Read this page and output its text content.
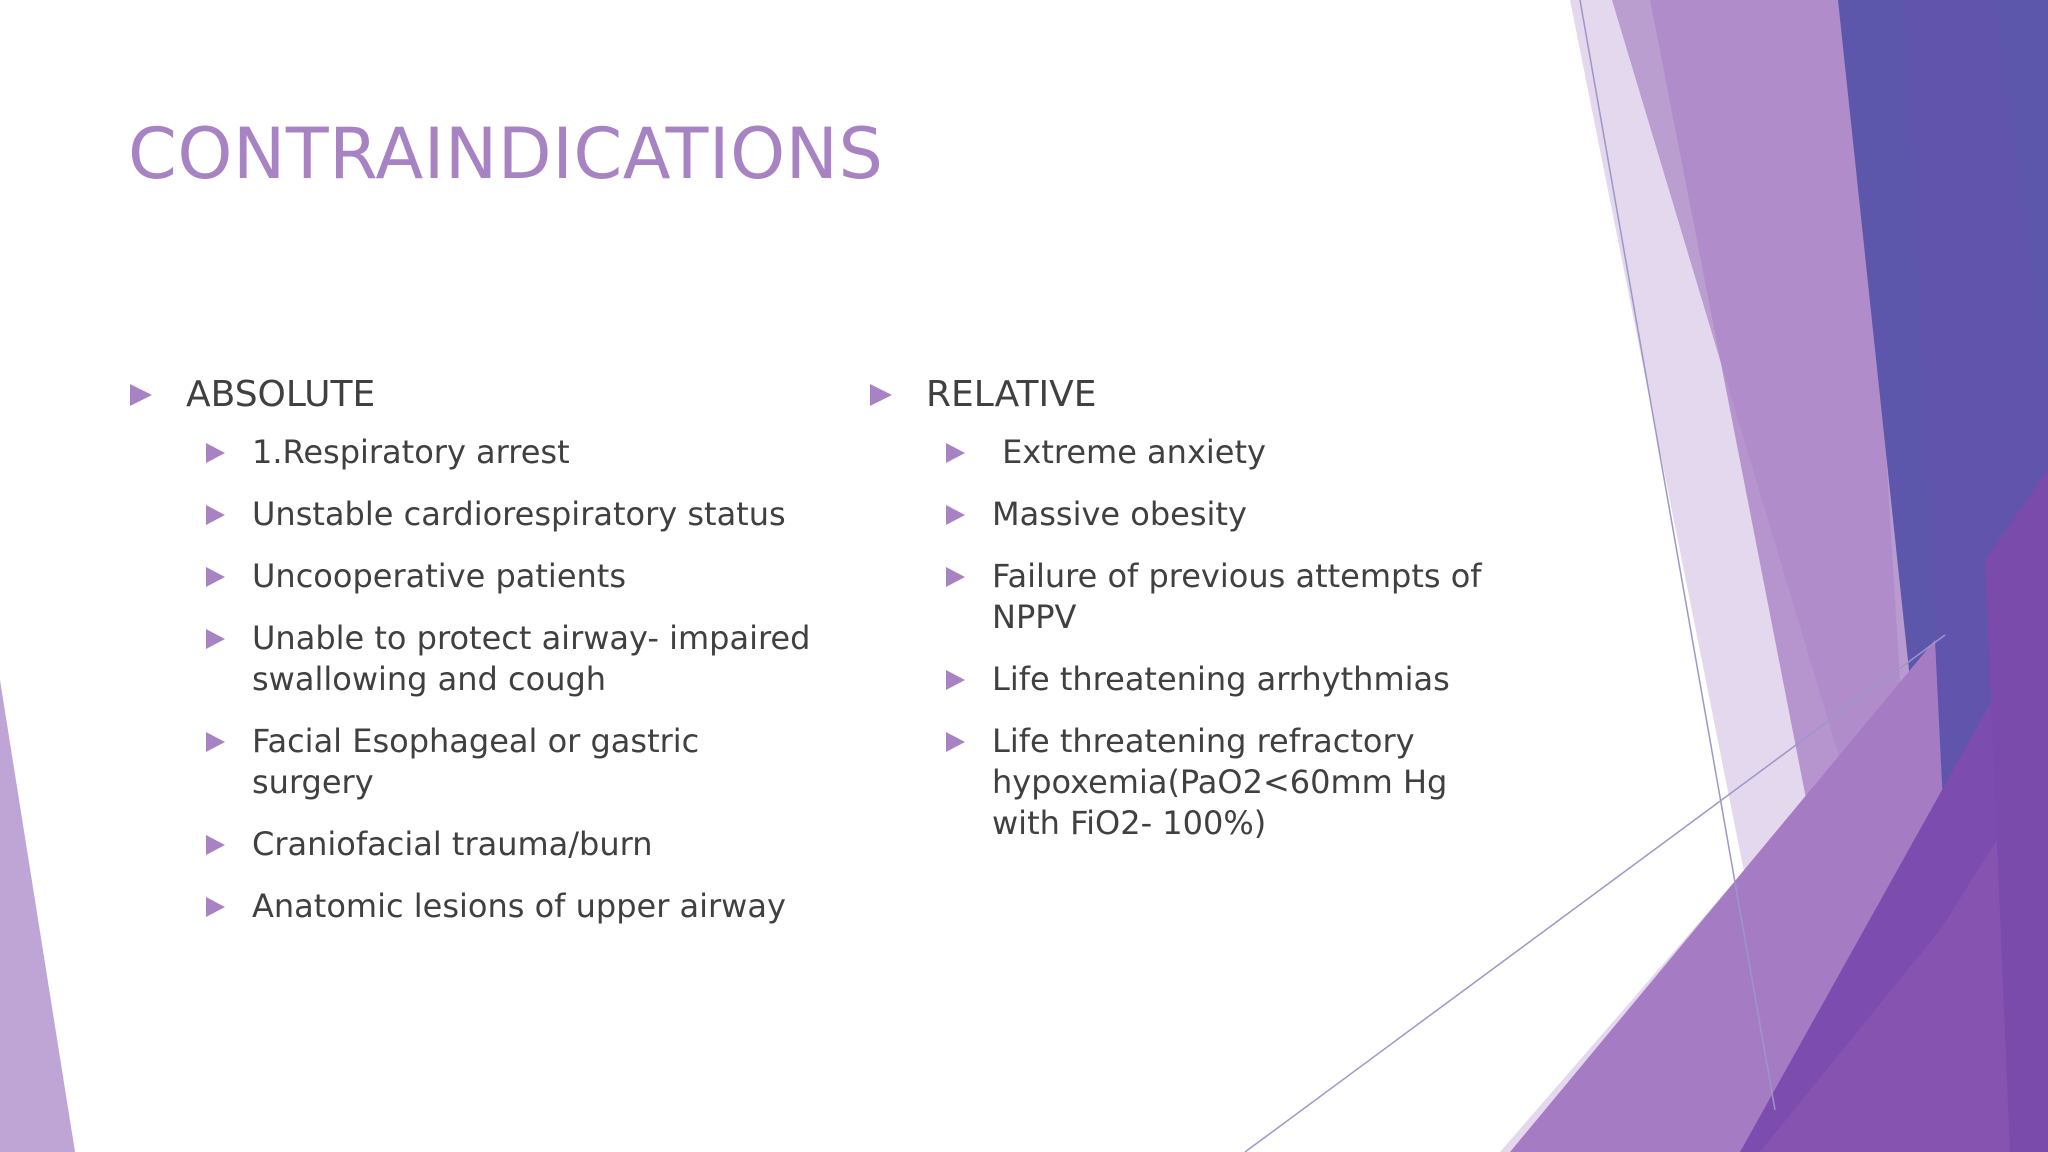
CONTRAINDICATIONS
ABSOLUTE
1.Respiratory arrest
Unstable cardiorespiratory status
Uncooperative patients
Unable to protect airway- impaired swallowing and cough
Facial Esophageal or gastric surgery
Craniofacial trauma/burn
Anatomic lesions of upper airway
RELATIVE
Extreme anxiety
Massive obesity
Failure of previous attempts of NPPV
Life threatening arrhythmias
Life threatening refractory hypoxemia(PaO2<60mm Hg with FiO2- 100%)
